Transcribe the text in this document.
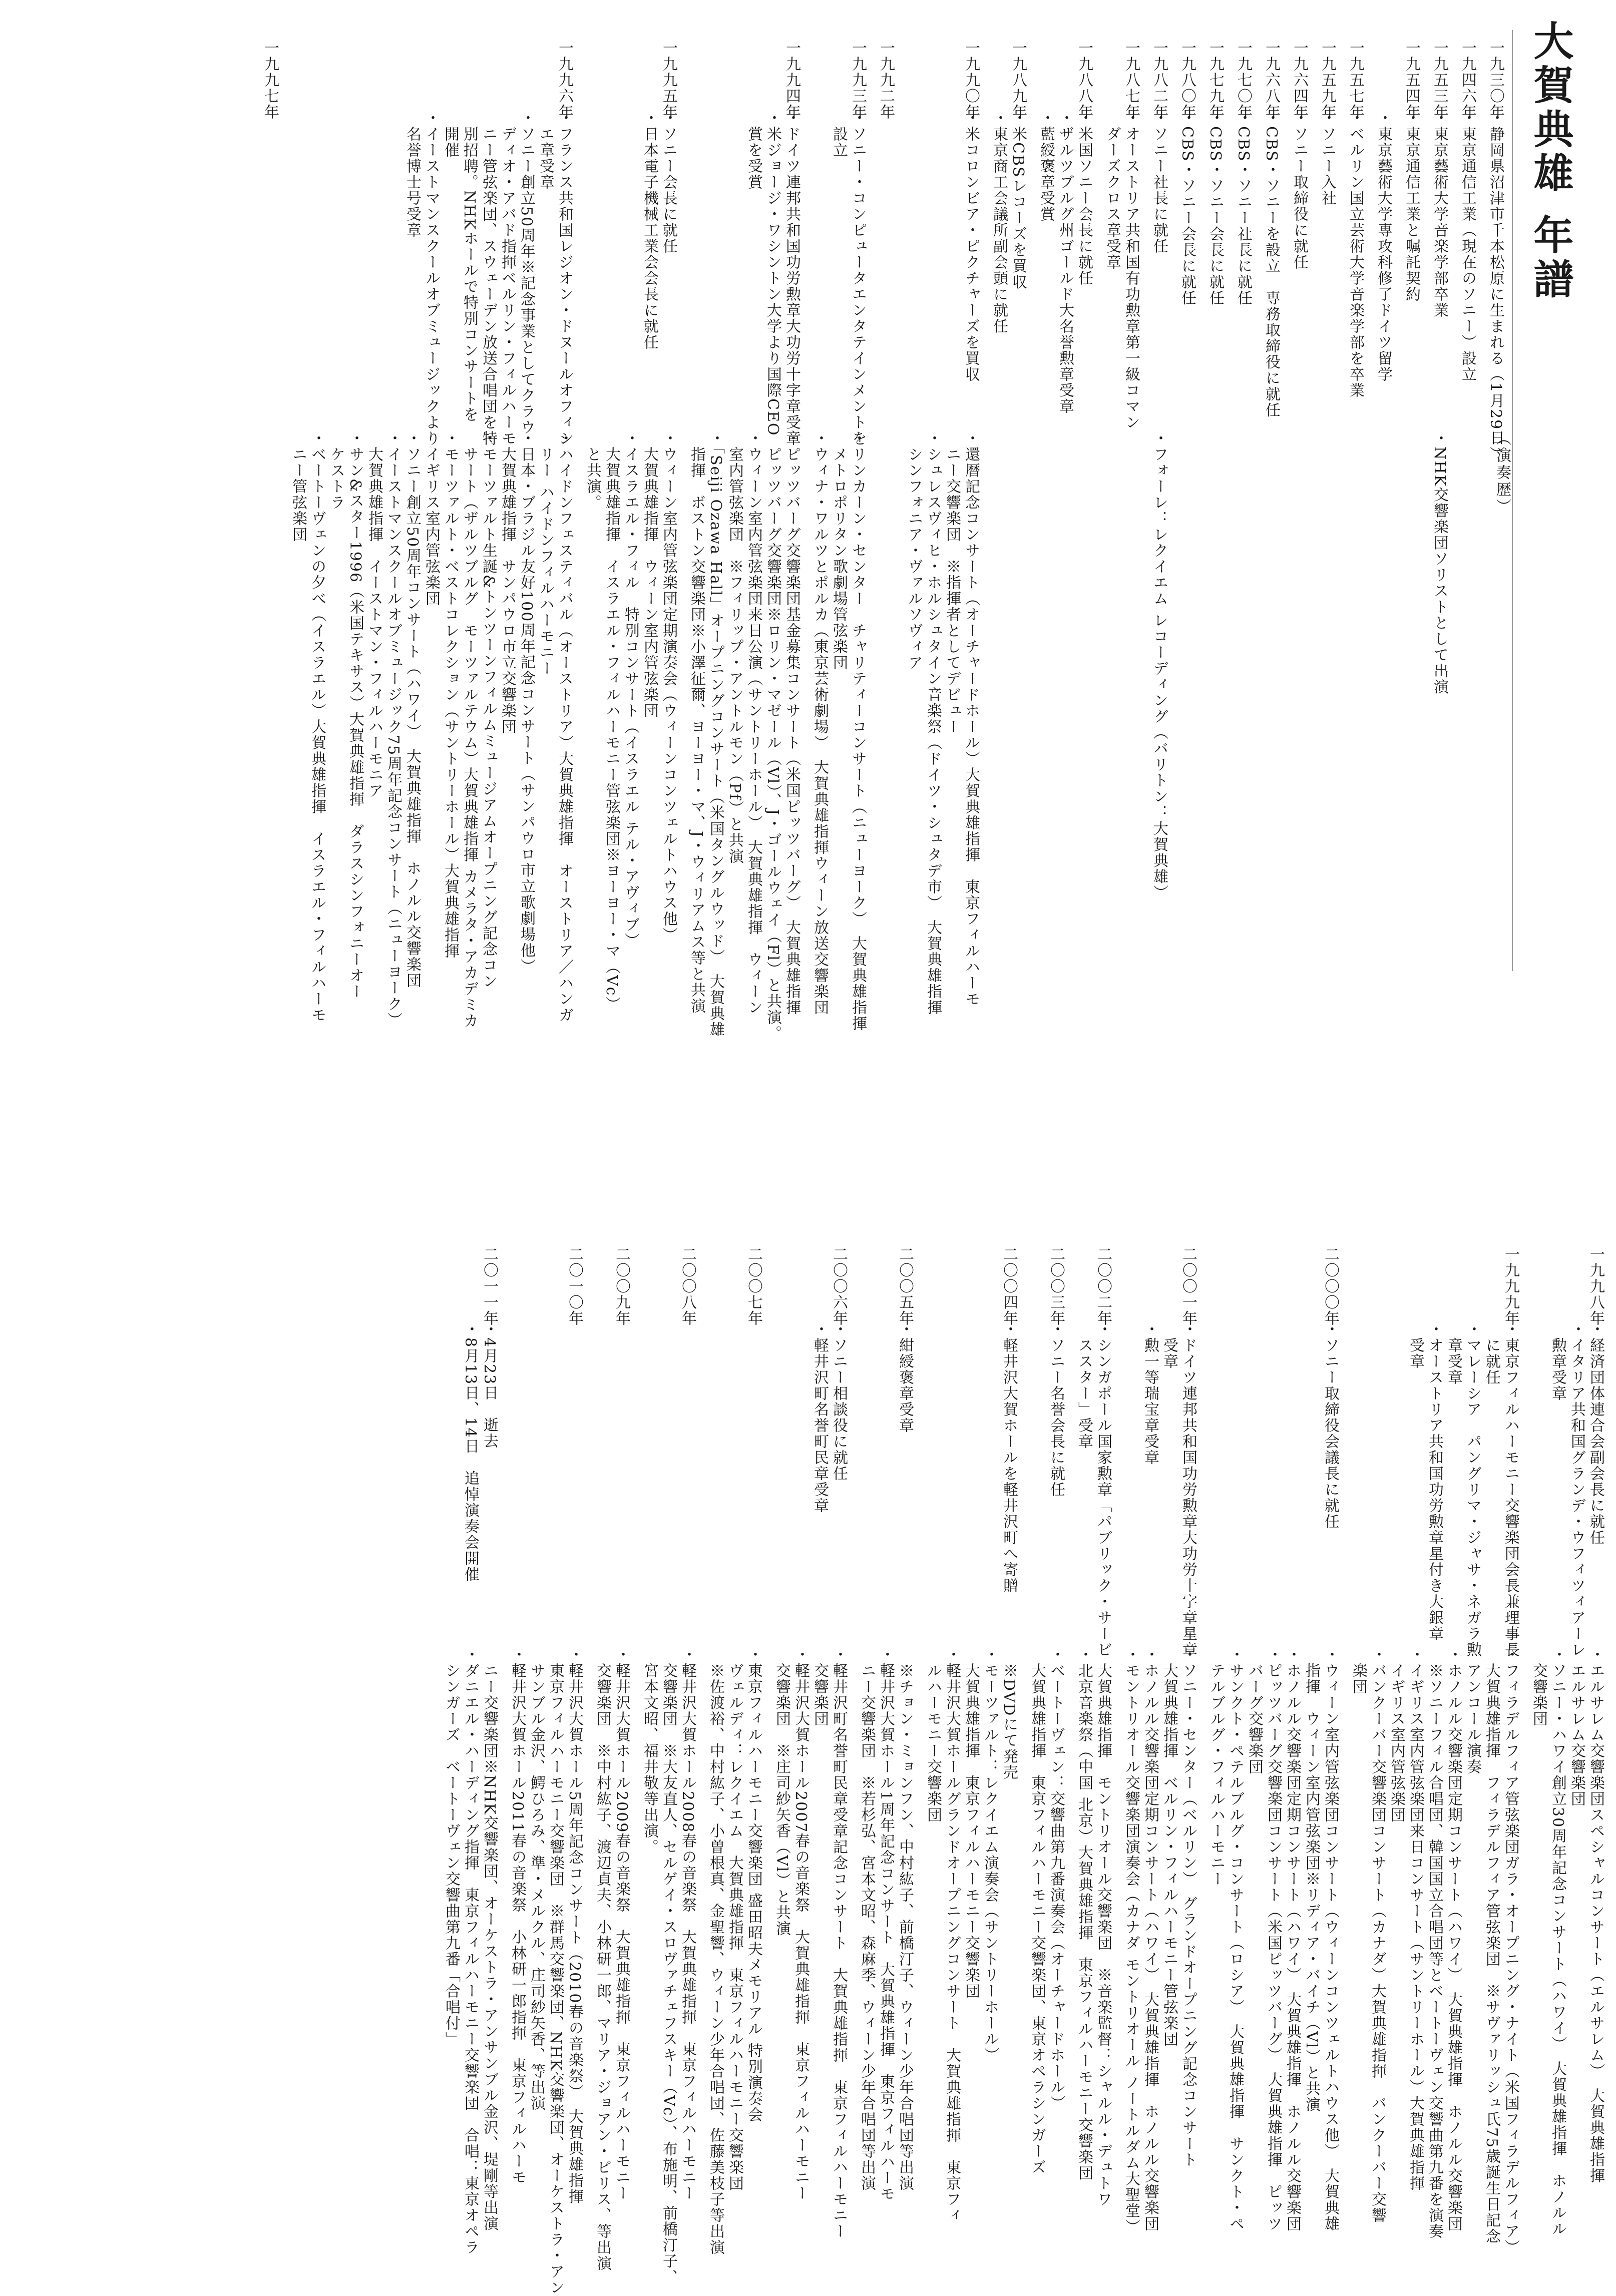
大賀典雄 年譜
（演奏歴）
一九三〇年
・静岡県沼津市千本松原に生まれる（1月29日）
一九四六年
・東京通信工業（現在のソニー）設立
一九五三年
・東京藝術大学音楽学部卒業
・NHK交響楽団ソリストとして出演
一九五四年
・東京通信工業と嘱託契約
・東京藝術大学専攻科修了ドイツ留学
一九五七年
・ベルリン国立芸術大学音楽学部を卒業
一九五九年
・ソニー入社
一九六四年
・ソニー取締役に就任
一九六八年
・CBS・ソニーを設立　専務取締役に就任
一九七〇年
・CBS・ソニー社長に就任
一九七九年
・CBS・ソニー会長に就任
一九八〇年
・CBS・ソニー会長に就任
一九八二年
・ソニー社長に就任
・フォーレ：レクイエム レコーディング（バリトン：大賀典雄）
一九八七年
・オーストリア共和国有功勲章第一級コマン
　ダーズクロス章受章
一九八八年
・米国ソニー会長に就任
・ザルツブルグ州ゴールド大名誉勲章受章
・藍綬褒章受賞
一九八九年
・米CBSレコーズを買収
・東京商工会議所副会頭に就任
一九九〇年
・米コロンビア・ピクチャーズを買収
・還暦記念コンサート（オーチャードホール）大賀典雄指揮　東京フィルハーモ
　ニー交響楽団　※指揮者としてデビュー
・シュレスヴィヒ・ホルシュタイン音楽祭（ドイツ・シュタデ市）　大賀典雄指揮
　シンフォニア・ヴァルソヴィア
一九九二年
一九九三年
・ソニー・コンピュータエンタテインメントを
・リンカーン・センター　チャリティーコンサート（ニューヨーク）　大賀典雄指揮
　設立
　メトロポリタン歌劇場管弦楽団
・ウィナ・ワルツとポルカ（東京芸術劇場）　大賀典雄指揮ウィーン放送交響楽団
一九九四年
・ドイツ連邦共和国功労勲章大功労十字章受章
・ピッツバーグ交響楽団基金募集コンサート（米国ピッツバーグ）　大賀典雄指揮
・米ジョージ・ワシントン大学より国際CEO
　ピッツバーグ交響楽団※ロリン・マゼール（Vl）、J・ゴールウェイ（Fl）と共演。
　賞を受賞
・ウィーン室内管弦楽団来日公演（サントリーホール）　大賀典雄指揮　ウィーン
　室内管弦楽団　※フィリップ・アントルモン（Pf）と共演
・「Seiji Ozawa Hall」オープニングコンサート（米国タングルウッド）　大賀典雄
　指揮　ボストン交響楽団※小澤征爾、ヨーヨー・マ、J・ウィリアムス等と共演
一九九五年
・ソニー会長に就任
・ウィーン室内管弦楽団定期演奏会（ウィーンコンツェルトハウス他）
・日本電子機械工業会会長に就任
　大賀典雄指揮　ウィーン室内管弦楽団
・イスラエル・フィル　特別コンサート（イスラエル テル・アヴィブ）
　大賀典雄指揮　イスラエル・フィルハーモニー管弦楽団※ヨーヨー・マ（Vc）
　と共演。
一九九六年
・フランス共和国レジオン・ドヌールオフィシ
・ハイドンフェスティバル（オーストリア）大賀典雄指揮　オーストリア／ハンガ
　エ章受章
　リー ハイドンフィルハーモニー
・ソニー創立50周年※記念事業としてクラウ
・日本・ブラジル友好100周年記念コンサート（サンパウロ市立歌劇場他）
　ディオ・アバド指揮ベルリン・フィルハーモ
　大賀典雄指揮　サンパウロ市立交響楽団
　ニー管弦楽団、スウェーデン放送合唱団を特
・モーツァルト生誕&トンツーンフィルムミュージアムオープニング記念コン
　別招聘。NHKホールで特別コンサートを
　サート（ザルツブルグ　モーツァルテウム）大賀典雄指揮 カメラタ・アカデミカ
　開催
・モーツァルト・ベストコレクション（サントリーホール）大賀典雄指揮
・イーストマンスクールオブミュージックより
　イギリス室内管弦楽団
　名誉博士号受章
・ソニー創立50周年コンサート（ハワイ）　大賀典雄指揮　ホノルル交響楽団
・イーストマンスクールオブミュージック75周年記念コンサート（ニューヨーク）
　大賀典雄指揮　イーストマン・フィルハーモニア
・サン&スター1996（米国テキサス）大賀典雄指揮　ダラスシンフォニーオー
　ケストラ
・ベートーヴェンの夕べ（イスラエル）大賀典雄指揮　イスラエル・フィルハーモ
　ニー管弦楽団
一九九七年
一九九八年
・経済団体連合会副会長に就任
・エルサレム交響楽団スペシャルコンサート（エルサレム）　大賀典雄指揮
・イタリア共和国グランデ・ウフィツィアーレ
　エルサレム交響楽団
　勲章受章
・ソニー・ハワイ創立30周年記念コンサート（ハワイ）　大賀典雄指揮　ホノルル
　交響楽団
一九九九年
・東京フィルハーモニー交響楽団会長兼理事長
・フィラデルフィア管弦楽団ガラ・オープニング・ナイト（米国フィラデルフィア）
　に就任
　大賀典雄指揮　フィラデルフィア管弦楽団　※サヴァリッシュ氏75歳誕生日記念
・マレーシア　パングリマ・ジャサ・ネガラ勲
　アンコール演奏
　章受章
・ホノルル交響楽団定期コンサート（ハワイ）　大賀典雄指揮　ホノルル交響楽団
・オーストリア共和国功労勲章星付き大銀章
　※ソニーフィル合唱団、韓国国立合唱団等とベートーヴェン交響曲第九番を演奏
　受章
・イギリス室内管弦楽団来日コンサート（サントリーホール）大賀典雄指揮
　イギリス室内管弦楽団
・バンクーバー交響楽団コンサート（カナダ）大賀典雄指揮　バンクーバー交響
　楽団
二〇〇〇年
・ソニー取締役会議長に就任
・ウィーン室内管弦楽団コンサート（ウィーンコンツェルトハウス他）　大賀典雄
　指揮　ウィーン室内管弦楽団※リディア・バイチ（Vl）と共演
・ホノルル交響楽団定期コンサート（ハワイ）　大賀典雄指揮　ホノルル交響楽団
・ピッツバーグ交響楽団コンサート（米国ピッツバーグ）　大賀典雄指揮　ピッツ
　バーグ交響楽団
・サンクト・ペテルブルグ・コンサート（ロシア）　大賀典雄指揮　サンクト・ペ
　テルブルグ・フィルハーモニー
二〇〇一年
・ドイツ連邦共和国功労勲章大功労十字章星章
・ソニー・センター（ベルリン）　グランドオープニング記念コンサート
　受章
　大賀典雄指揮　ベルリン・フィルハーモニー管弦楽団
・勲一等瑞宝章受章
・ホノルル交響楽団定期コンサート（ハワイ）　大賀典雄指揮　ホノルル交響楽団
・モントリオール交響楽団演奏会（カナダ モントリオール ノートルダム大聖堂）
二〇〇二年
・シンガポール国家勲章「パブリック・サービ
　大賀典雄指揮　モントリオール交響楽団　※音楽監督：シャルル・デュトワ
　ススター」受章
・北京音楽祭（中国 北京）大賀典雄指揮　東京フィルハーモニー交響楽団
二〇〇三年
・ソニー名誉会長に就任
・ベートーヴェン：交響曲第九番演奏会（オーチャードホール）
　大賀典雄指揮　東京フィルハーモニー交響楽団、東京オペラシンガーズ
二〇〇四年
・軽井沢大賀ホールを軽井沢町へ寄贈
　※DVDにて発売
・モーツァルト：レクイエム演奏会（サントリーホール）
　大賀典雄指揮　東京フィルハーモニー交響楽団
・軽井沢大賀ホールグランドオープニングコンサート　大賀典雄指揮　東京フィ
　ルハーモニー交響楽団
二〇〇五年
・紺綬褒章受章
　※チョン・ミョンフン、中村紘子、前橋汀子、ウィーン少年合唱団等出演
・軽井沢大賀ホール1周年記念コンサート　大賀典雄指揮　東京フィルハーモ
　ニー交響楽団　※若杉弘、宮本文昭、森麻季、ウィーン少年合唱団等出演
二〇〇六年
・ソニー相談役に就任
・軽井沢町名誉町民章受章記念コンサート　大賀典雄指揮　東京フィルハーモニー
・軽井沢町名誉町民章受章
　交響楽団
・軽井沢大賀ホール2007春の音楽祭　大賀典雄指揮　東京フィルハーモニー
　交響楽団　※庄司紗矢香（Vl）と共演
二〇〇七年
・東京フィルハーモニー交響楽団 盛田昭夫メモリアル 特別演奏会
　ヴェルディ：レクイエム　大賀典雄指揮　東京フィルハーモニー交響楽団
　※佐渡裕、中村紘子、小曽根真、金聖響、ウィーン少年合唱団、佐藤美枝子等出演
二〇〇八年
・軽井沢大賀ホール2008春の音楽祭　大賀典雄指揮　東京フィルハーモニー
　交響楽団　※大友直人、セルゲイ・スロヴァチェフスキー（Vc）、布施明、前橋汀子、
　宮本文昭、福井敬等出演。
二〇〇九年
・軽井沢大賀ホール2009春の音楽祭　大賀典雄指揮　東京フィルハーモニー
　交響楽団　※中村紘子、渡辺貞夫、小林研一郎、マリア・ジョアン・ピリス、等出演
二〇一〇年
・軽井沢大賀ホール5周年記念コンサート（2010春の音楽祭）　大賀典雄指揮
　東京フィルハーモニー交響楽団　※群馬交響楽団、NHK交響楽団、オーケストラ・アン
　サンブル金沢、鰐ひろみ、準・メルクル、庄司紗矢香、等出演
・軽井沢大賀ホール2011春の音楽祭　小林研一郎指揮　東京フィルハーモ
二〇一一年
・4月23日　逝去
　ニー交響楽団※NHK交響楽団、オーケストラ・アンサンブル金沢、堤剛等出演
・8月13日、14日　追悼演奏会開催
・ダニエル・ハーディング指揮　東京フィルハーモニー交響楽団　合唱：東京オペラ
　シンガーズ　ベートーヴェン交響曲第九番「合唱付」
